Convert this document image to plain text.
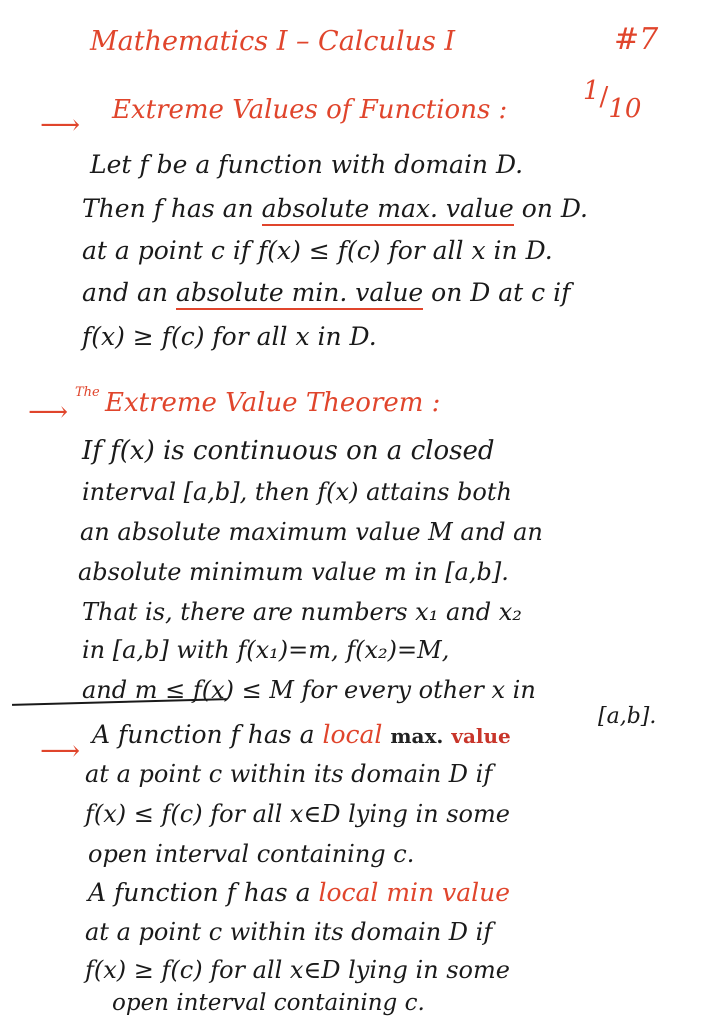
Mathematics I – Calculus I	#7
1/10
⟶ Extreme Values of Functions :
Let f be a function with domain D.
Then f has an absolute max. value on D.
at a point c if f(x) ≤ f(c) for all x in D.
and an absolute min. value on D at c if
f(x) ≥ f(c) for all x in D.
The
⟶ Extreme Value Theorem :
If f(x) is continuous on a closed
interval [a,b], then f(x) attains both
an absolute maximum value M and an
absolute minimum value m in [a,b].
That is, there are numbers x₁ and x₂
in [a,b] with f(x₁)=m, f(x₂)=M,
and m ≤ f(x) ≤ M for every other x in
[a,b].
⟶ A function f has a local max. value
at a point c within its domain D if
f(x) ≤ f(c) for all x∈D lying in some
open interval containing c.
A function f has a local min value
at a point c within its domain D if
f(x) ≥ f(c) for all x∈D lying in some
open interval containing c.
